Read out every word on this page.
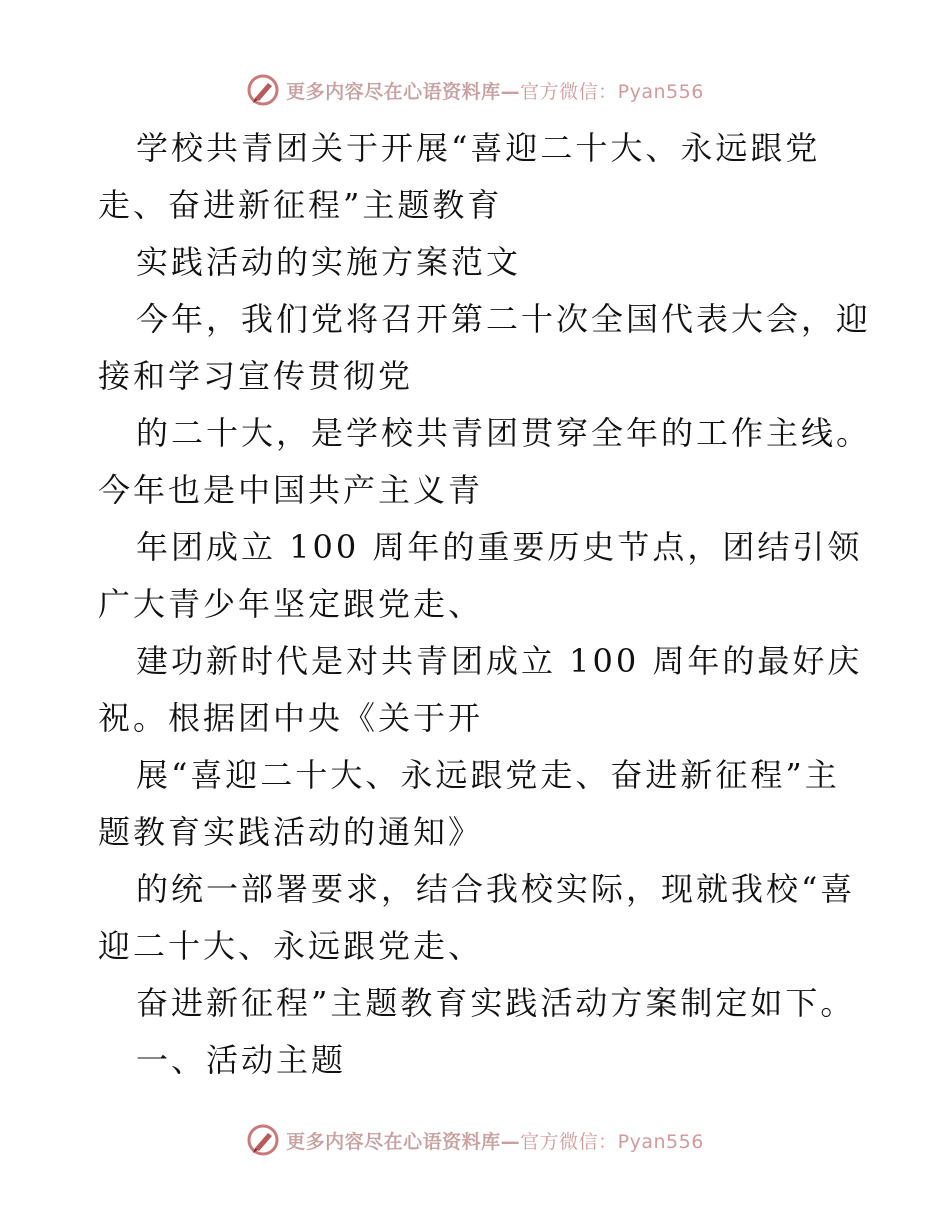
更多内容尽在心语资料库—官方微信：Pyan556
学校共青团关于开展“喜迎二十大、永远跟党
走、奋进新征程”主题教育
实践活动的实施方案范文
今年，我们党将召开第二十次全国代表大会，迎
接和学习宣传贯彻党
的二十大，是学校共青团贯穿全年的工作主线。
今年也是中国共产主义青
年团成立 100 周年的重要历史节点，团结引领
广大青少年坚定跟党走、
建功新时代是对共青团成立 100 周年的最好庆
祝。根据团中央《关于开
展“喜迎二十大、永远跟党走、奋进新征程”主
题教育实践活动的通知》
的统一部署要求，结合我校实际，现就我校“喜
迎二十大、永远跟党走、
奋进新征程”主题教育实践活动方案制定如下。
一、活动主题
更多内容尽在心语资料库—官方微信：Pyan556
